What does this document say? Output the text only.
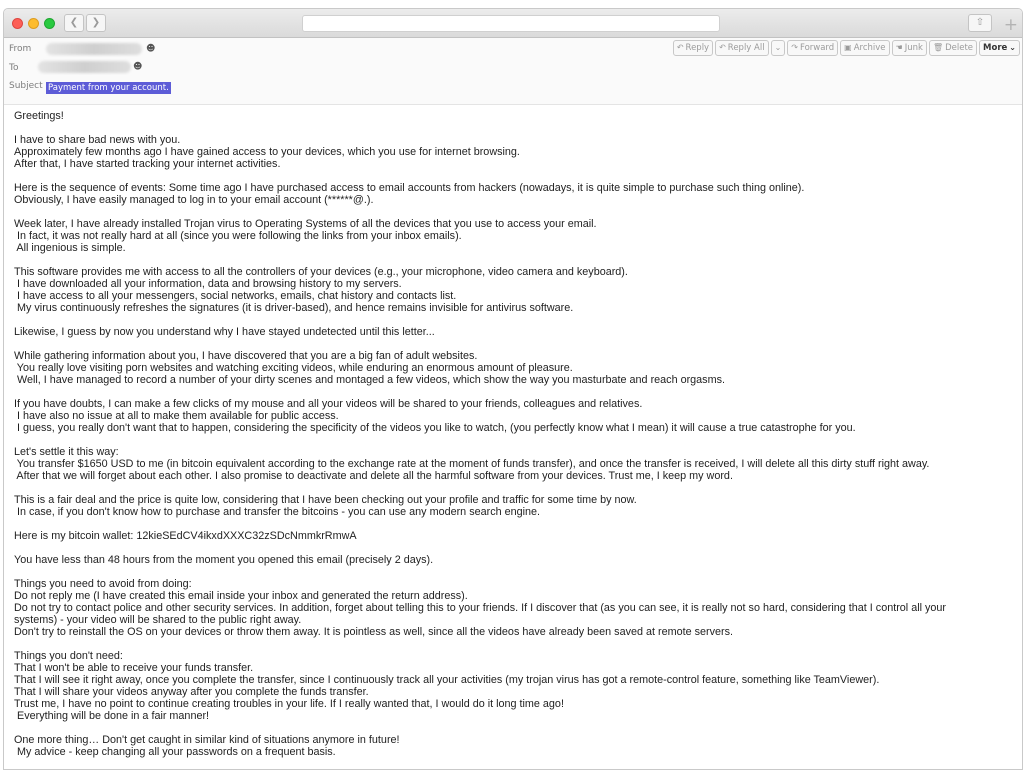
❮	❯	⇧	+
From	☻
To	☻
Subject Payment from your account.
↶ Reply ↶ Reply All ⌄ ↷ Forward ▣ Archive ☚ Junk 🗑 Delete More ⌄
Greetings!
I have to share bad news with you.
Approximately few months ago I have gained access to your devices, which you use for internet browsing.
After that, I have started tracking your internet activities.
Here is the sequence of events: Some time ago I have purchased access to email accounts from hackers (nowadays, it is quite simple to purchase such thing online).
Obviously, I have easily managed to log in to your email account (******@.).
Week later, I have already installed Trojan virus to Operating Systems of all the devices that you use to access your email.
In fact, it was not really hard at all (since you were following the links from your inbox emails).
All ingenious is simple.
This software provides me with access to all the controllers of your devices (e.g., your microphone, video camera and keyboard).
I have downloaded all your information, data and browsing history to my servers.
I have access to all your messengers, social networks, emails, chat history and contacts list.
My virus continuously refreshes the signatures (it is driver-based), and hence remains invisible for antivirus software.
Likewise, I guess by now you understand why I have stayed undetected until this letter...
While gathering information about you, I have discovered that you are a big fan of adult websites.
You really love visiting porn websites and watching exciting videos, while enduring an enormous amount of pleasure.
Well, I have managed to record a number of your dirty scenes and montaged a few videos, which show the way you masturbate and reach orgasms.
If you have doubts, I can make a few clicks of my mouse and all your videos will be shared to your friends, colleagues and relatives.
I have also no issue at all to make them available for public access.
I guess, you really don't want that to happen, considering the specificity of the videos you like to watch, (you perfectly know what I mean) it will cause a true catastrophe for you.
Let's settle it this way:
You transfer $1650 USD to me (in bitcoin equivalent according to the exchange rate at the moment of funds transfer), and once the transfer is received, I will delete all this dirty stuff right away.
After that we will forget about each other. I also promise to deactivate and delete all the harmful software from your devices. Trust me, I keep my word.
This is a fair deal and the price is quite low, considering that I have been checking out your profile and traffic for some time by now.
In case, if you don't know how to purchase and transfer the bitcoins - you can use any modern search engine.
Here is my bitcoin wallet: 12kieSEdCV4ikxdXXXC32zSDcNmmkrRmwA
You have less than 48 hours from the moment you opened this email (precisely 2 days).
Things you need to avoid from doing:
Do not reply me (I have created this email inside your inbox and generated the return address).
Do not try to contact police and other security services. In addition, forget about telling this to your friends. If I discover that (as you can see, it is really not so hard, considering that I control all your
systems) - your video will be shared to the public right away.
Don't try to reinstall the OS on your devices or throw them away. It is pointless as well, since all the videos have already been saved at remote servers.
Things you don't need:
That I won't be able to receive your funds transfer.
That I will see it right away, once you complete the transfer, since I continuously track all your activities (my trojan virus has got a remote-control feature, something like TeamViewer).
That I will share your videos anyway after you complete the funds transfer.
Trust me, I have no point to continue creating troubles in your life. If I really wanted that, I would do it long time ago!
Everything will be done in a fair manner!
One more thing… Don't get caught in similar kind of situations anymore in future!
My advice - keep changing all your passwords on a frequent basis.
